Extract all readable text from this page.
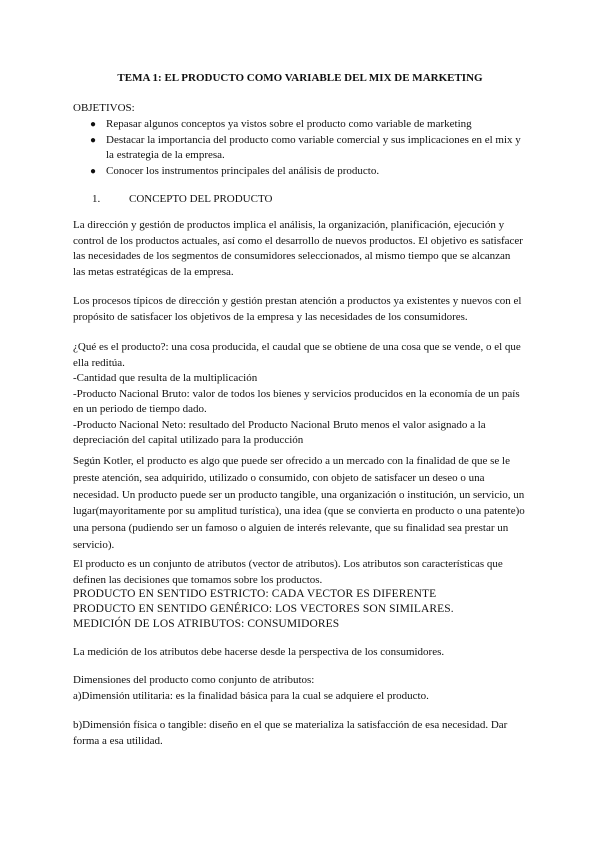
TEMA 1: EL PRODUCTO COMO VARIABLE DEL MIX DE MARKETING
OBJETIVOS:
● Repasar algunos conceptos ya vistos sobre el producto como variable de marketing
● Destacar la importancia del producto como variable comercial y sus implicaciones en el mix y
la estrategia de la empresa.
● Conocer los instrumentos principales del análisis de producto.
1.	CONCEPTO DEL PRODUCTO
La dirección y gestión de productos implica el análisis, la organización, planificación, ejecución y
control de los productos actuales, así como el desarrollo de nuevos productos. El objetivo es satisfacer
las necesidades de los segmentos de consumidores seleccionados, al mismo tiempo que se alcanzan
las metas estratégicas de la empresa.
Los procesos típicos de dirección y gestión prestan atención a productos ya existentes y nuevos con el
propósito de satisfacer los objetivos de la empresa y las necesidades de los consumidores.
¿Qué es el producto?: una cosa producida, el caudal que se obtiene de una cosa que se vende, o el que
ella reditúa.
-Cantidad que resulta de la multiplicación
-Producto Nacional Bruto: valor de todos los bienes y servicios producidos en la economía de un país
en un periodo de tiempo dado.
-Producto Nacional Neto: resultado del Producto Nacional Bruto menos el valor asignado a la
depreciación del capital utilizado para la producción
Según Kotler, el producto es algo que puede ser ofrecido a un mercado con la finalidad de que se le
preste atención, sea adquirido, utilizado o consumido, con objeto de satisfacer un deseo o una
necesidad. Un producto puede ser un producto tangible, una organización o institución, un servicio, un
lugar(mayoritamente por su amplitud turística), una idea (que se convierta en producto o una patente)o
una persona (pudiendo ser un famoso o alguien de interés relevante, que su finalidad sea prestar un
servicio).
El producto es un conjunto de atributos (vector de atributos). Los atributos son características que
definen las decisiones que tomamos sobre los productos.
PRODUCTO EN SENTIDO ESTRICTO: CADA VECTOR ES DIFERENTE
PRODUCTO EN SENTIDO GENÉRICO: LOS VECTORES SON SIMILARES.
MEDICIÓN DE LOS ATRIBUTOS: CONSUMIDORES
La medición de los atributos debe hacerse desde la perspectiva de los consumidores.
Dimensiones del producto como conjunto de atributos:
a)Dimensión utilitaria: es la finalidad básica para la cual se adquiere el producto.
b)Dimensión física o tangible: diseño en el que se materializa la satisfacción de esa necesidad. Dar
forma a esa utilidad.
